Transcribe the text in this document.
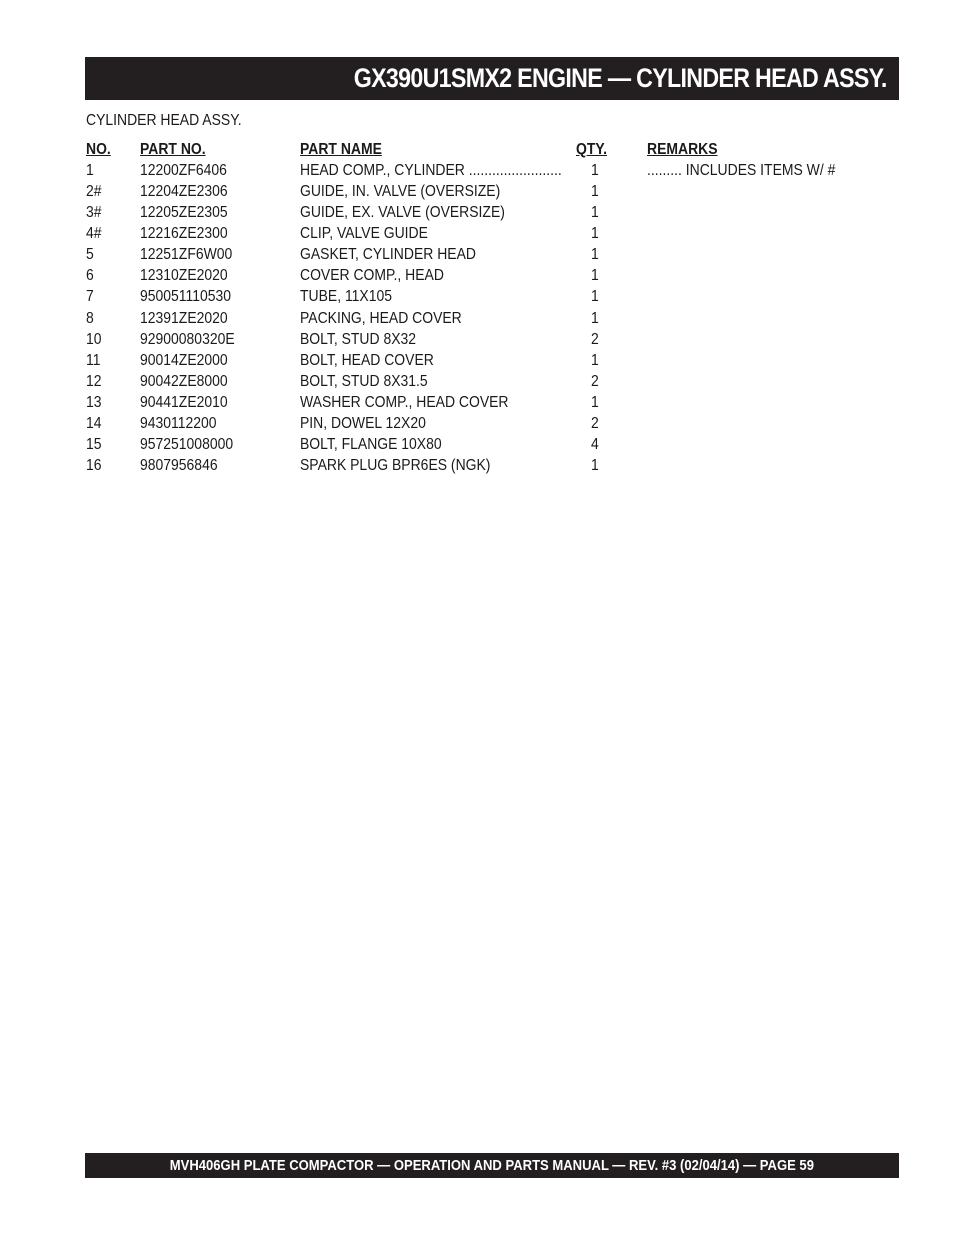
GX390U1SMX2 ENGINE — CYLINDER HEAD ASSY.
CYLINDER HEAD ASSY.
NO. PART NO.	PART NAME	QTY.	REMARKS
1	12200ZF6406	HEAD COMP., CYLINDER ........................ 1	......... INCLUDES ITEMS W/ #
2# 12204ZE2306	GUIDE, IN. VALVE (OVERSIZE)	1
3# 12205ZE2305	GUIDE, EX. VALVE (OVERSIZE)	1
4# 12216ZE2300	CLIP, VALVE GUIDE	1
5	12251ZF6W00	GASKET, CYLINDER HEAD	1
6	12310ZE2020	COVER COMP., HEAD	1
7	950051110530	TUBE, 11X105	1
8	12391ZE2020	PACKING, HEAD COVER	1
10 92900080320E	BOLT, STUD 8X32	2
11	90014ZE2000	BOLT, HEAD COVER	1
12 90042ZE8000	BOLT, STUD 8X31.5	2
13 90441ZE2010	WASHER COMP., HEAD COVER	1
14 9430112200	PIN, DOWEL 12X20	2
15 957251008000	BOLT, FLANGE 10X80	4
16 9807956846	SPARK PLUG BPR6ES (NGK)	1
MVH406GH PLATE COMPACTOR — OPERATION AND PARTS MANUAL — REV. #3 (02/04/14) — PAGE 59
